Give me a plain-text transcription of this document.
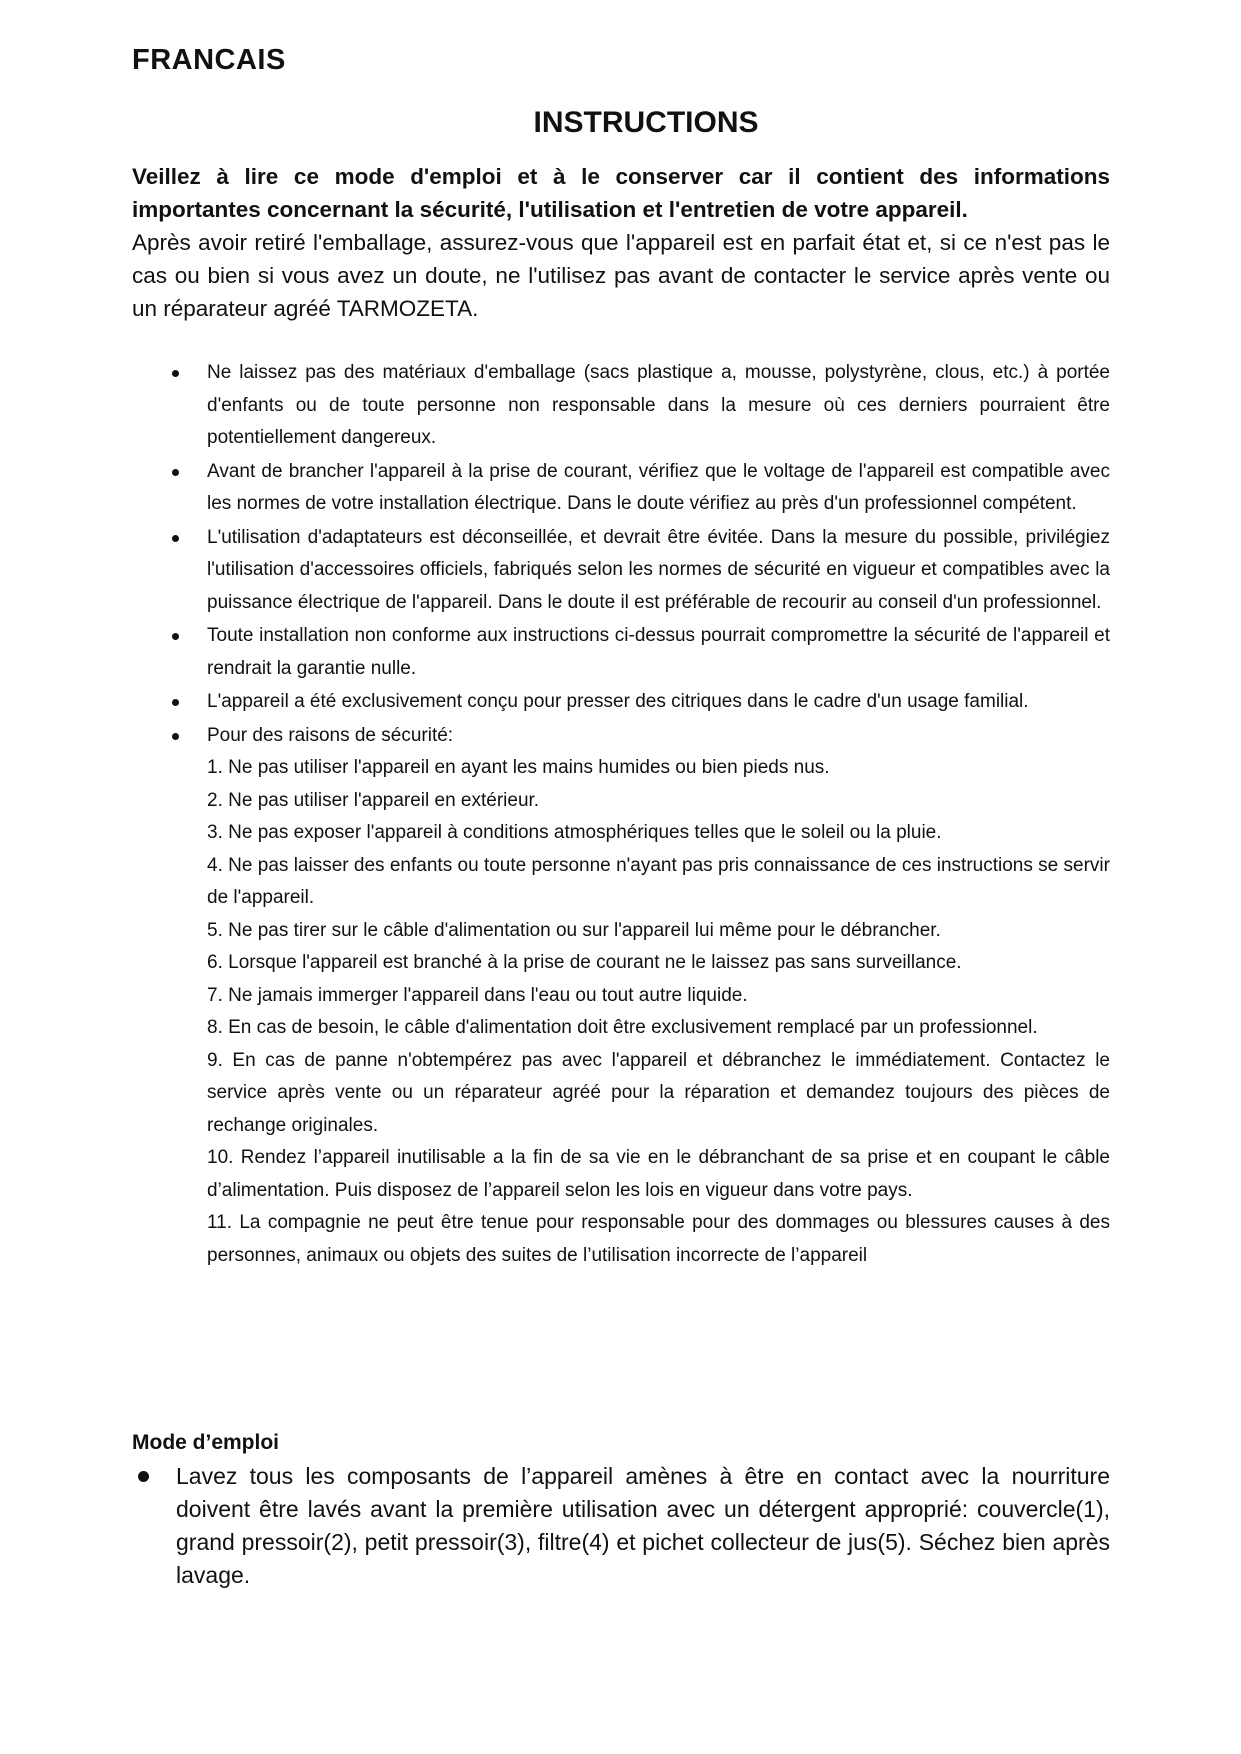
FRANCAIS
INSTRUCTIONS

Veillez à lire ce mode d'emploi et à le conserver car il contient des informations importantes concernant la sécurité, l'utilisation et l'entretien de votre appareil.

Après avoir retiré l'emballage, assurez-vous que l'appareil est en parfait état et, si ce n'est pas le cas ou bien si vous avez un doute, ne l'utilisez pas avant de contacter le service après vente ou un réparateur agréé TARMOZETA.

Ne laissez pas des matériaux d'emballage (sacs plastique a, mousse, polystyrène, clous, etc.) à portée d'enfants ou de toute personne non responsable dans la mesure où ces derniers pourraient être potentiellement dangereux.
Avant de brancher l'appareil à la prise de courant, vérifiez que le voltage de l'appareil est compatible avec les normes de votre installation électrique. Dans le doute vérifiez au près d'un professionnel compétent.
L'utilisation d'adaptateurs est déconseillée, et devrait être évitée. Dans la mesure du possible, privilégiez l'utilisation d'accessoires officiels, fabriqués selon les normes de sécurité en vigueur et compatibles avec la puissance électrique de l'appareil. Dans le doute il est préférable de recourir au conseil d'un professionnel.
Toute installation non conforme aux instructions ci-dessus pourrait compromettre la sécurité de l'appareil et rendrait la garantie nulle.
L'appareil a été exclusivement conçu pour presser des citriques dans le cadre d'un usage familial.
Pour des raisons de sécurité:
1. Ne pas utiliser l'appareil en ayant les mains humides ou bien pieds nus.
2. Ne pas utiliser l'appareil en extérieur.
3. Ne pas exposer l'appareil à conditions atmosphériques telles que le soleil ou la pluie.
4. Ne pas laisser des enfants ou toute personne n'ayant pas pris connaissance de ces instructions se servir de l'appareil.
5. Ne pas tirer sur le câble d'alimentation ou sur l'appareil lui même pour le débrancher.
6. Lorsque l'appareil est branché à la prise de courant ne le laissez pas sans surveillance.
7. Ne jamais immerger l'appareil dans l'eau ou tout autre liquide.
8. En cas de besoin, le câble d'alimentation doit être exclusivement remplacé par un professionnel.
9. En cas de panne n'obtempérez pas avec l'appareil et débranchez le immédiatement. Contactez le service après vente ou un réparateur agréé pour la réparation et demandez toujours des pièces de rechange originales.
10. Rendez l’appareil inutilisable a la fin de sa vie en le débranchant de sa prise et en coupant le câble d’alimentation. Puis disposez de l’appareil selon les lois en vigueur dans votre pays.
11. La compagnie ne peut être tenue pour responsable pour des dommages ou blessures causes à des personnes, animaux ou objets des suites de l’utilisation incorrecte de l’appareil
Mode d’emploi
Lavez tous les composants de l’appareil amènes à être en contact avec la nourriture doivent être lavés avant la première utilisation avec un détergent approprié: couvercle(1), grand pressoir(2), petit pressoir(3), filtre(4) et pichet collecteur de jus(5). Séchez bien après lavage.
